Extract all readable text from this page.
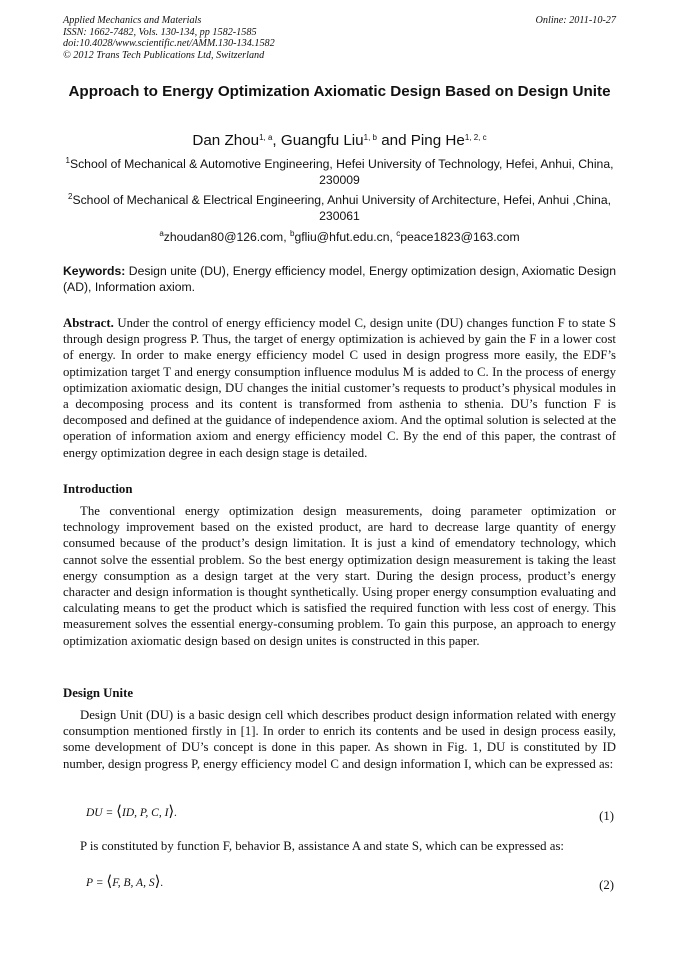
Applied Mechanics and Materials
ISSN: 1662-7482, Vols. 130-134, pp 1582-1585
doi:10.4028/www.scientific.net/AMM.130-134.1582
© 2012 Trans Tech Publications Ltd, Switzerland
Online: 2011-10-27
Approach to Energy Optimization Axiomatic Design Based on Design Unite
Dan Zhou$^{1, a}$, Guangfu Liu$^{1, b}$ and Ping He$^{1, 2, c}$
$^1$School of Mechanical & Automotive Engineering, Hefei University of Technology, Hefei, Anhui, China, 230009
$^2$School of Mechanical & Electrical Engineering, Anhui University of Architecture, Hefei, Anhui ,China, 230061
$^a$zhoudan80@126.com, $^b$gfliu@hfut.edu.cn, $^c$peace1823@163.com
Keywords: Design unite (DU), Energy efficiency model, Energy optimization design, Axiomatic Design (AD), Information axiom.
Abstract. Under the control of energy efficiency model C, design unite (DU) changes function F to state S through design progress P. Thus, the target of energy optimization is achieved by gain the F in a lower cost of energy. In order to make energy efficiency model C used in design progress more easily, the EDF’s optimization target T and energy consumption influence modulus M is added to C. In the process of energy optimization axiomatic design, DU changes the initial customer’s requests to product’s physical modules in a decomposing process and its content is transformed from asthenia to sthenia. DU’s function F is decomposed and defined at the guidance of independence axiom. And the optimal solution is selected at the operation of information axiom and energy efficiency model C. By the end of this paper, the contrast of energy optimization degree in each design stage is detailed.
Introduction
The conventional energy optimization design measurements, doing parameter optimization or technology improvement based on the existed product, are hard to decrease large quantity of energy consumed because of the product’s design limitation. It is just a kind of emendatory technology, which cannot solve the essential problem. So the best energy optimization design measurement is taking the least energy consumption as a design target at the very start. During the design process, product’s energy character and design information is thought synthetically. Using proper energy consumption evaluating and calculating means to get the product which is satisfied the required function with less cost of energy. This measurement solves the essential energy-consuming problem. To gain this purpose, an approach to energy optimization axiomatic design based on design unites is constructed in this paper.
Design Unite
Design Unit (DU) is a basic design cell which describes product design information related with energy consumption mentioned firstly in [1]. In order to enrich its contents and be used in design process easily, some development of DU’s concept is done in this paper. As shown in Fig. 1, DU is constituted by ID number, design progress P, energy efficiency model C and design information I, which can be expressed as:
DU = ⟨ID, P, C, I⟩.	(1)
P is constituted by function F, behavior B, assistance A and state S, which can be expressed as:
P = ⟨F, B, A, S⟩.	(2)
